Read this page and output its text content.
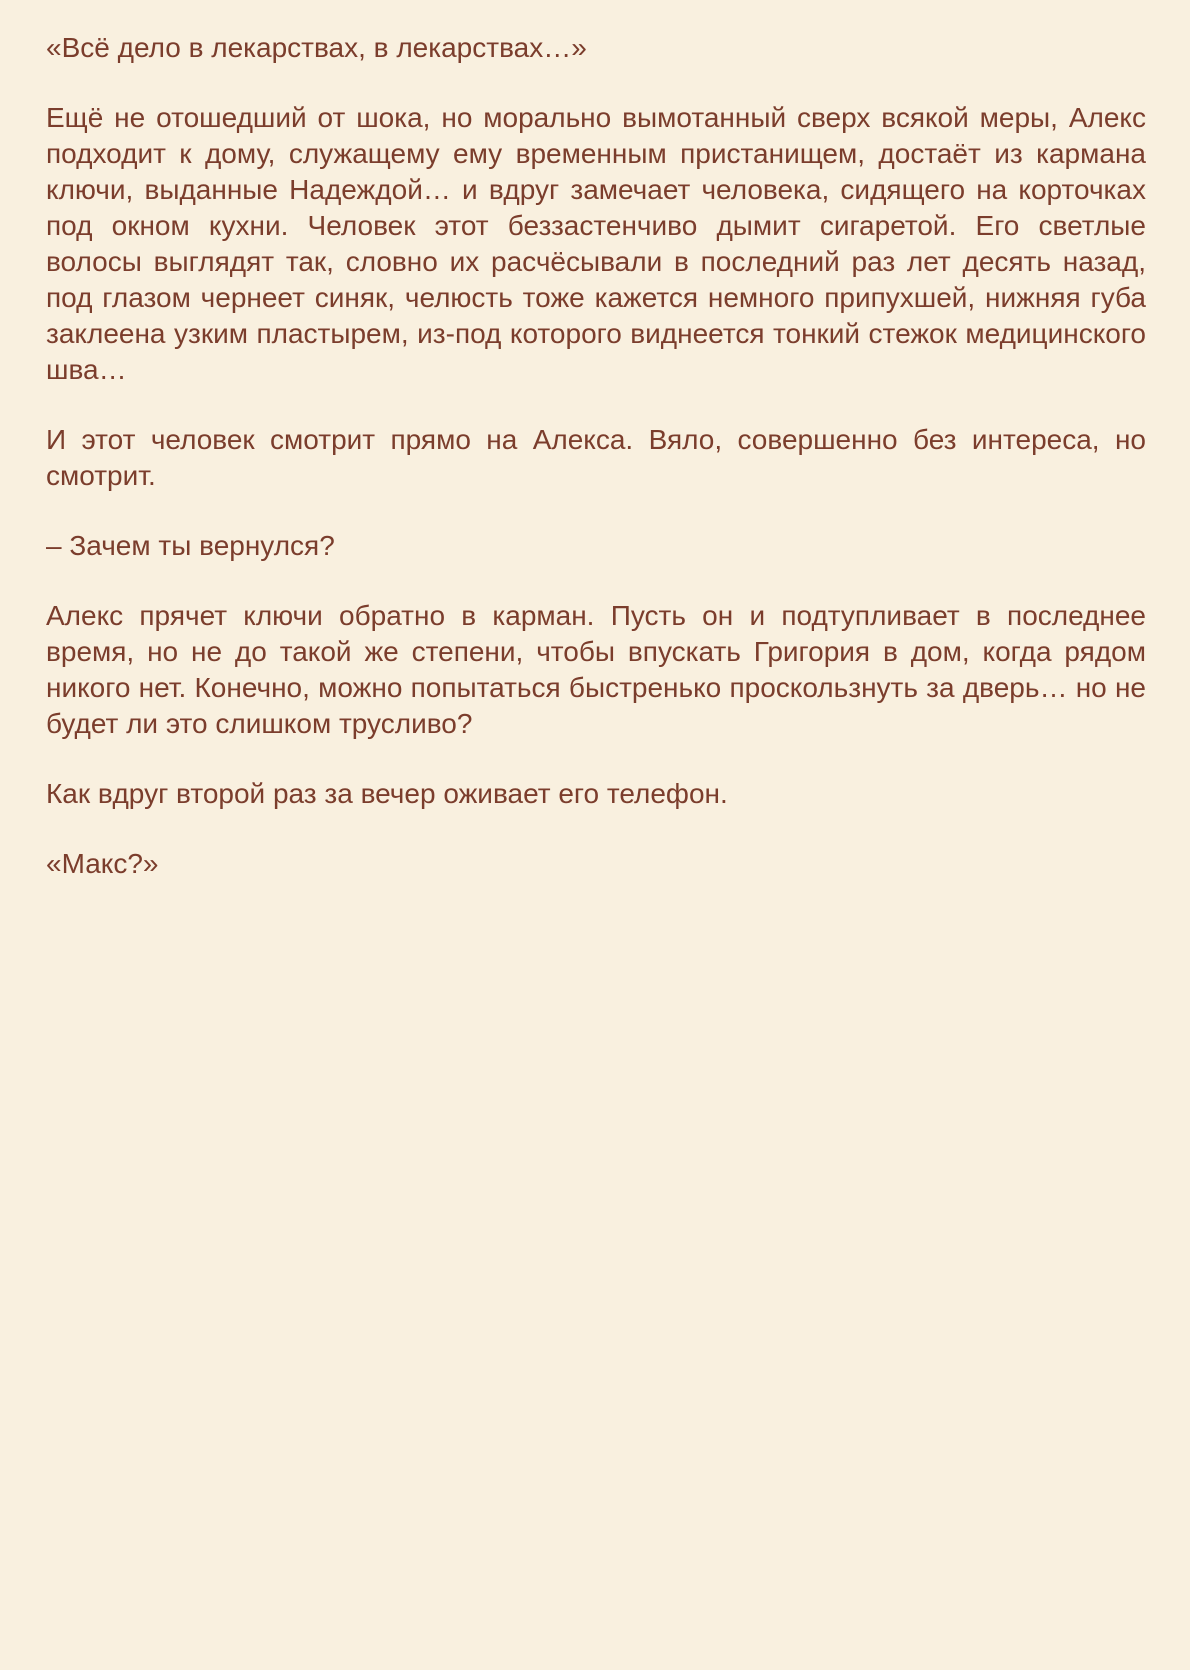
«Всё дело в лекарствах, в лекарствах…»

Ещё не отошедший от шока, но морально вымотанный сверх всякой меры, Алекс подходит к дому, служащему ему временным пристанищем, достаёт из кармана ключи, выданные Надеждой… и вдруг замечает человека, сидящего на корточках под окном кухни. Человек этот беззастенчиво дымит сигаретой. Его светлые волосы выглядят так, словно их расчёсывали в последний раз лет десять назад, под глазом чернеет синяк, челюсть тоже кажется немного припухшей, нижняя губа заклеена узким пластырем, из-под которого виднеется тонкий стежок медицинского шва…

И этот человек смотрит прямо на Алекса. Вяло, совершенно без интереса, но смотрит.

– Зачем ты вернулся?

Алекс прячет ключи обратно в карман. Пусть он и подтупливает в последнее время, но не до такой же степени, чтобы впускать Григория в дом, когда рядом никого нет. Конечно, можно попытаться быстренько проскользнуть за дверь… но не будет ли это слишком трусливо?

Как вдруг второй раз за вечер оживает его телефон.

«Макс?»
